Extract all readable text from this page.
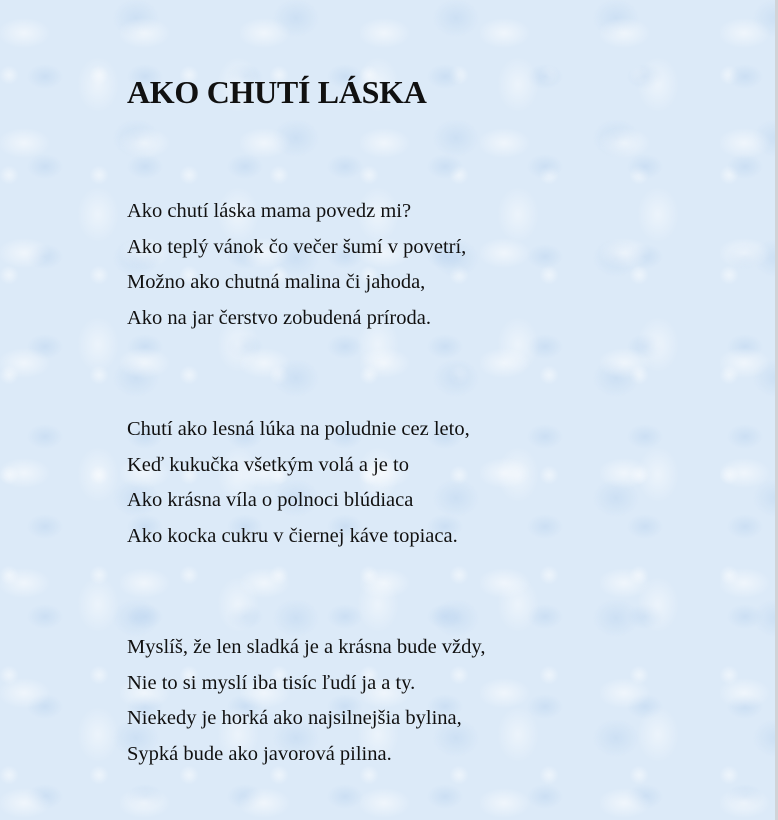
AKO CHUTÍ LÁSKA
Ako chutí láska mama povedz mi?
Ako teplý vánok čo večer šumí v povetrí,
Možno ako chutná malina či jahoda,
Ako na jar čerstvo zobudená príroda.
Chutí ako lesná lúka na poludnie cez leto,
Keď kukučka všetkým volá a je to
Ako krásna víla o polnoci blúdiaca
Ako kocka cukru v čiernej káve topiaca.
Myslíš, že len sladká je a krásna bude vždy,
Nie to si myslí iba tisíc ľudí ja a ty.
Niekedy je horká ako najsilnejšia bylina,
Sypká bude ako javorová pilina.
